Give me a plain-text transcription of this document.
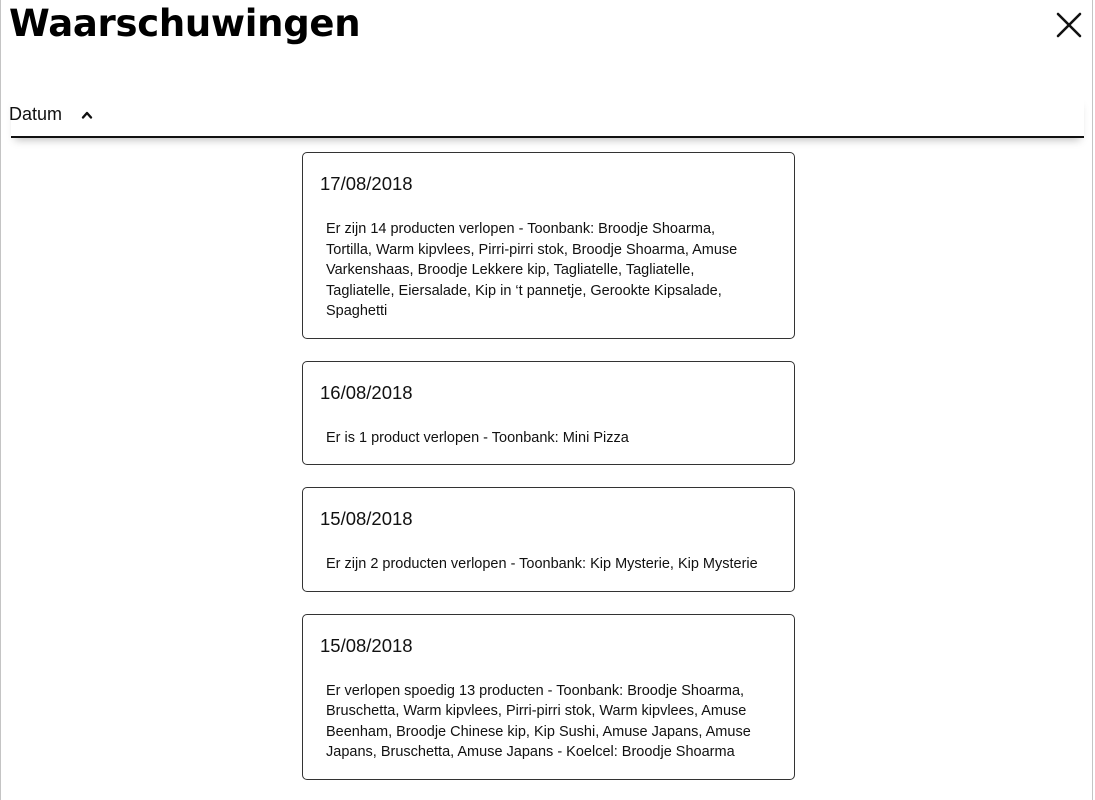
Waarschuwingen
Datum
17/08/2018
Er zijn 14 producten verlopen - Toonbank: Broodje Shoarma, Tortilla, Warm kipvlees, Pirri-pirri stok, Broodje Shoarma, Amuse Varkenshaas, Broodje Lekkere kip, Tagliatelle, Tagliatelle, Tagliatelle, Eiersalade, Kip in ‘t pannetje, Gerookte Kipsalade, Spaghetti
16/08/2018
Er is 1 product verlopen - Toonbank: Mini Pizza
15/08/2018
Er zijn 2 producten verlopen - Toonbank: Kip Mysterie, Kip Mysterie
15/08/2018
Er verlopen spoedig 13 producten - Toonbank: Broodje Shoarma, Bruschetta, Warm kipvlees, Pirri-pirri stok, Warm kipvlees, Amuse Beenham, Broodje Chinese kip, Kip Sushi, Amuse Japans, Amuse Japans, Bruschetta, Amuse Japans - Koelcel: Broodje Shoarma
